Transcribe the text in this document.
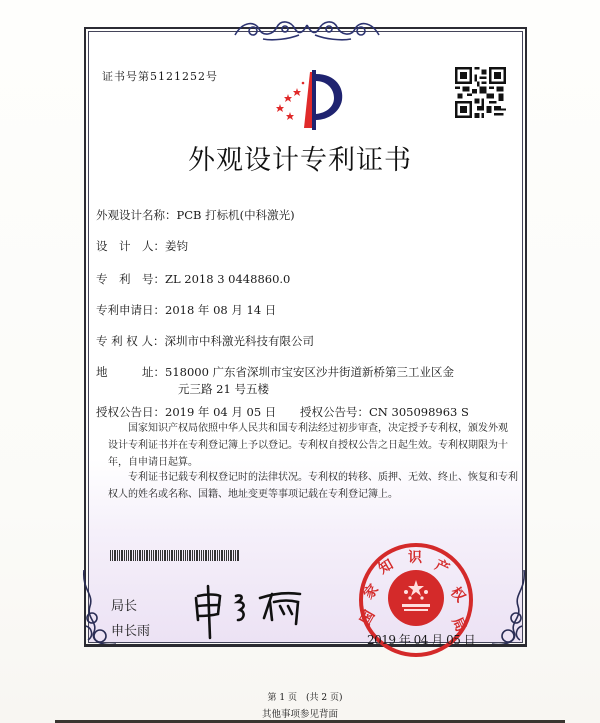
证书号第5121252号
外观设计专利证书
外观设计名称：PCB 打标机(中科激光)
设　计　人：姜钧
专　利　号：ZL 2018 3 0448860.0
专利申请日：2018 年 08 月 14 日
专 利 权 人：深圳市中科激光科技有限公司
地　　　址：518000 广东省深圳市宝安区沙井街道新桥第三工业区金
元三路 21 号五楼
授权公告日：2019 年 04 月 05 日 授权公告号：CN 305098963 S

国家知识产权局依照中华人民共和国专利法经过初步审查，决定授予专利权，颁发外观设计专利证书并在专利登记簿上予以登记。专利权自授权公告之日起生效。专利权期限为十年，自申请日起算。

专利证书记载专利权登记时的法律状况。专利权的转移、质押、无效、终止、恢复和专利权人的姓名或名称、国籍、地址变更等事项记载在专利登记簿上。

局长
申长雨
国
家
知 识 产
权
局
2019 年 04 月 05 日
第 1 页　(共 2 页)
其他事项参见背面
